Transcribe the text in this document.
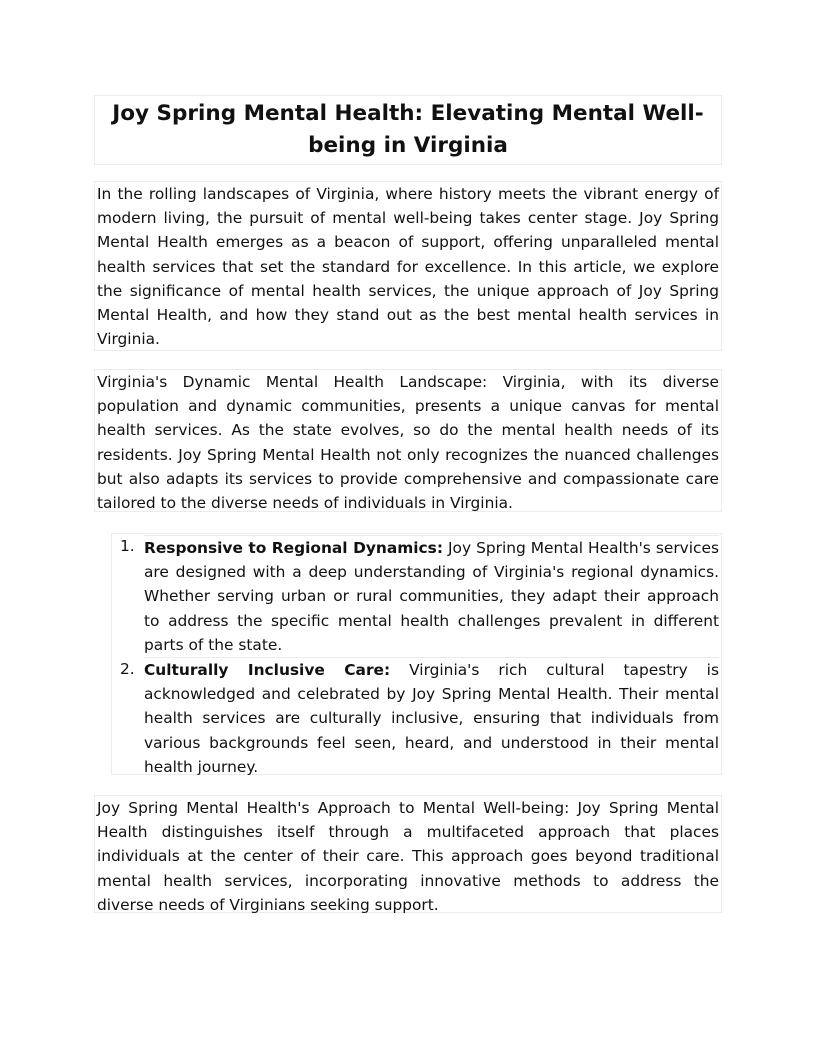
Joy Spring Mental Health: Elevating Mental Well-being in Virginia

In the rolling landscapes of Virginia, where history meets the vibrant energy of modern living, the pursuit of mental well-being takes center stage. Joy Spring Mental Health emerges as a beacon of support, offering unparalleled mental health services that set the standard for excellence. In this article, we explore the significance of mental health services, the unique approach of Joy Spring Mental Health, and how they stand out as the best mental health services in Virginia.

Virginia's Dynamic Mental Health Landscape: Virginia, with its diverse population and dynamic communities, presents a unique canvas for mental health services. As the state evolves, so do the mental health needs of its residents. Joy Spring Mental Health not only recognizes the nuanced challenges but also adapts its services to provide comprehensive and compassionate care tailored to the diverse needs of individuals in Virginia.

1. Responsive to Regional Dynamics: Joy Spring Mental Health's services are designed with a deep understanding of Virginia's regional dynamics. Whether serving urban or rural communities, they adapt their approach to address the specific mental health challenges prevalent in different parts of the state.
2. Culturally Inclusive Care: Virginia's rich cultural tapestry is acknowledged and celebrated by Joy Spring Mental Health. Their mental health services are culturally inclusive, ensuring that individuals from various backgrounds feel seen, heard, and understood in their mental health journey.

Joy Spring Mental Health's Approach to Mental Well-being: Joy Spring Mental Health distinguishes itself through a multifaceted approach that places individuals at the center of their care. This approach goes beyond traditional mental health services, incorporating innovative methods to address the diverse needs of Virginians seeking support.
